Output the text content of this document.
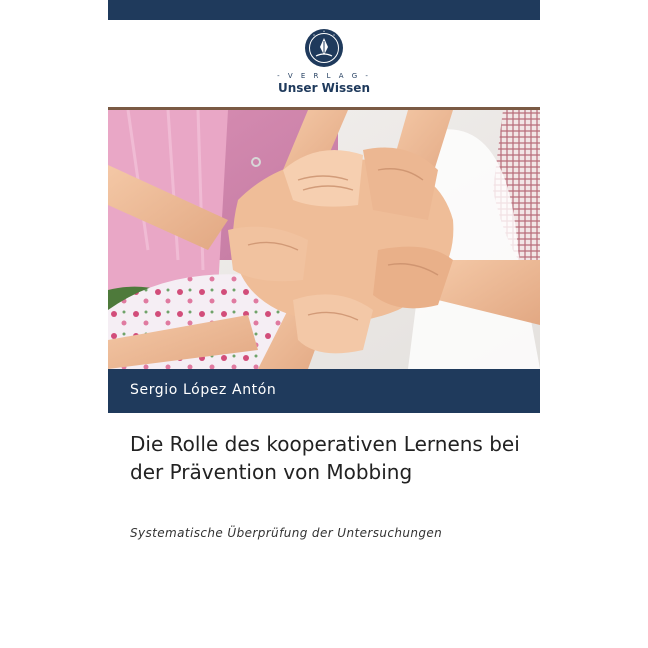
- V E R L A G -
Unser Wissen
Sergio López Antón
Die Rolle des kooperativen Lernens bei der Prävention von Mobbing
Systematische Überprüfung der Untersuchungen
